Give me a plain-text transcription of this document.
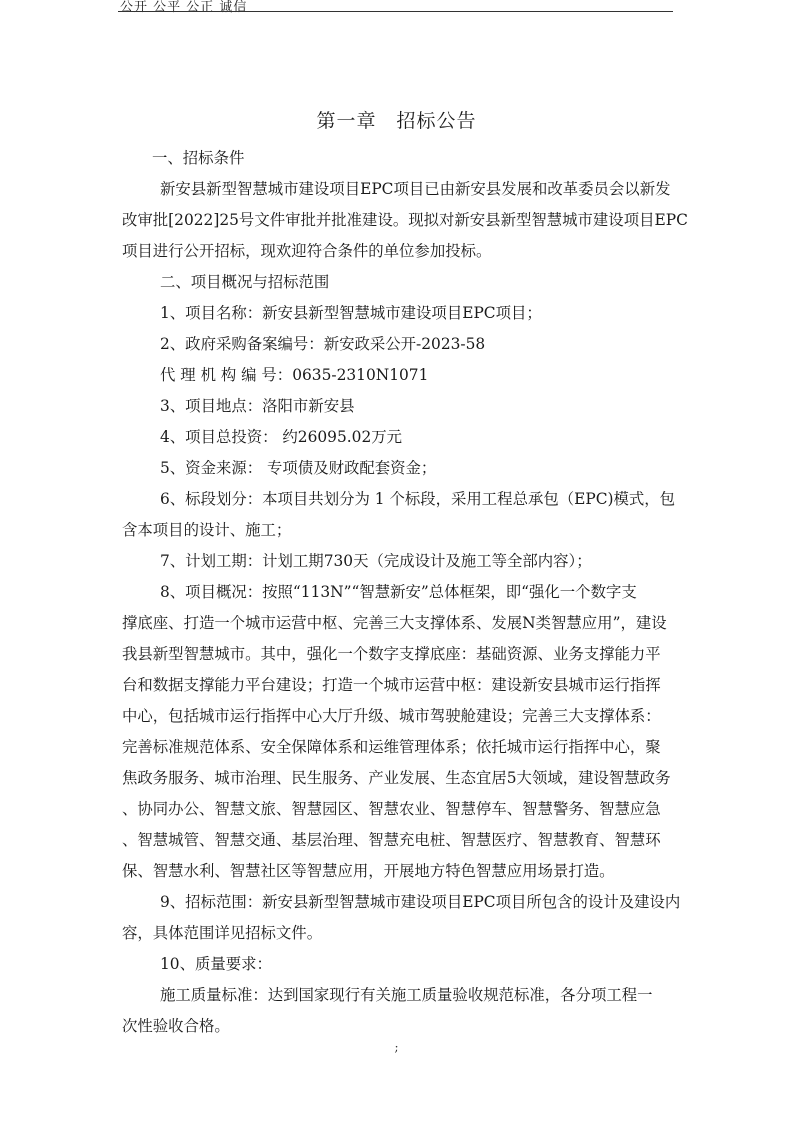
公开 公平 公正 诚信
第一章　招标公告
一、招标条件
新安县新型智慧城市建设项目EPC项目已由新安县发展和改革委员会以新发
改审批[2022]25号文件审批并批准建设。现拟对新安县新型智慧城市建设项目EPC
项目进行公开招标，现欢迎符合条件的单位参加投标。
二、项目概况与招标范围
1、项目名称：新安县新型智慧城市建设项目EPC项目；
2、政府采购备案编号：新安政采公开-2023-58
代 理 机 构 编 号：0635-2310N1071
3、项目地点：洛阳市新安县
4、项目总投资： 约26095.02万元
5、资金来源： 专项债及财政配套资金；
6、标段划分：本项目共划分为 1 个标段，采用工程总承包（EPC)模式，包
含本项目的设计、施工；
7、计划工期：计划工期730天（完成设计及施工等全部内容）；
8、项目概况：按照“113N”“智慧新安”总体框架，即“强化一个数字支
撑底座、打造一个城市运营中枢、完善三大支撑体系、发展N类智慧应用”，建设
我县新型智慧城市。其中，强化一个数字支撑底座：基础资源、业务支撑能力平
台和数据支撑能力平台建设；打造一个城市运营中枢：建设新安县城市运行指挥
中心，包括城市运行指挥中心大厅升级、城市驾驶舱建设；完善三大支撑体系：
完善标准规范体系、安全保障体系和运维管理体系；依托城市运行指挥中心，聚
焦政务服务、城市治理、民生服务、产业发展、生态宜居5大领域，建设智慧政务
、协同办公、智慧文旅、智慧园区、智慧农业、智慧停车、智慧警务、智慧应急
、智慧城管、智慧交通、基层治理、智慧充电桩、智慧医疗、智慧教育、智慧环
保、智慧水利、智慧社区等智慧应用，开展地方特色智慧应用场景打造。
9、招标范围：新安县新型智慧城市建设项目EPC项目所包含的设计及建设内
容，具体范围详见招标文件。
10、质量要求：
施工质量标准：达到国家现行有关施工质量验收规范标准，各分项工程一
次性验收合格。
;
